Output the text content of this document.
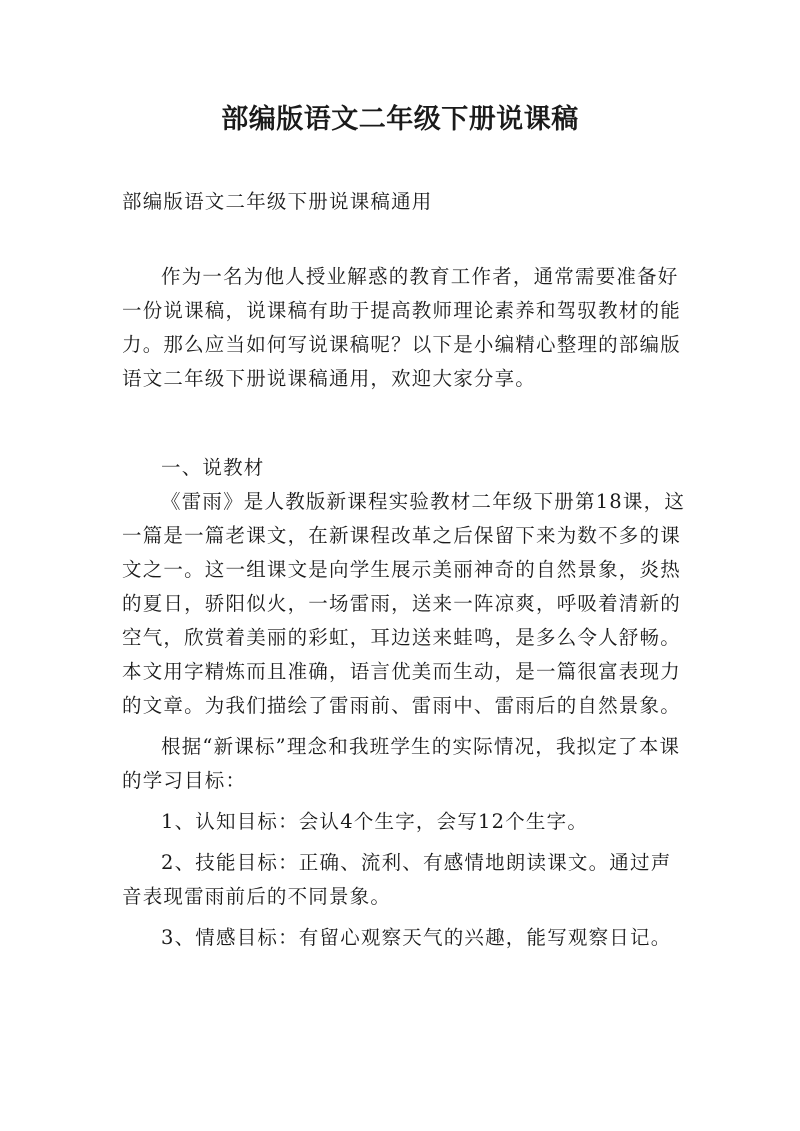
部编版语文二年级下册说课稿
部编版语文二年级下册说课稿通用
作为一名为他人授业解惑的教育工作者，通常需要准备好一份说课稿，说课稿有助于提高教师理论素养和驾驭教材的能力。那么应当如何写说课稿呢？以下是小编精心整理的部编版语文二年级下册说课稿通用，欢迎大家分享。

一、说教材

《雷雨》是人教版新课程实验教材二年级下册第18课，这一篇是一篇老课文，在新课程改革之后保留下来为数不多的课文之一。这一组课文是向学生展示美丽神奇的自然景象，炎热的夏日，骄阳似火，一场雷雨，送来一阵凉爽，呼吸着清新的空气，欣赏着美丽的彩虹，耳边送来蛙鸣，是多么令人舒畅。本文用字精炼而且准确，语言优美而生动，是一篇很富表现力的文章。为我们描绘了雷雨前、雷雨中、雷雨后的自然景象。

根据“新课标”理念和我班学生的实际情况，我拟定了本课的学习目标：

1、认知目标：会认4个生字，会写12个生字。

2、技能目标：正确、流利、有感情地朗读课文。通过声音表现雷雨前后的不同景象。

3、情感目标：有留心观察天气的兴趣，能写观察日记。
